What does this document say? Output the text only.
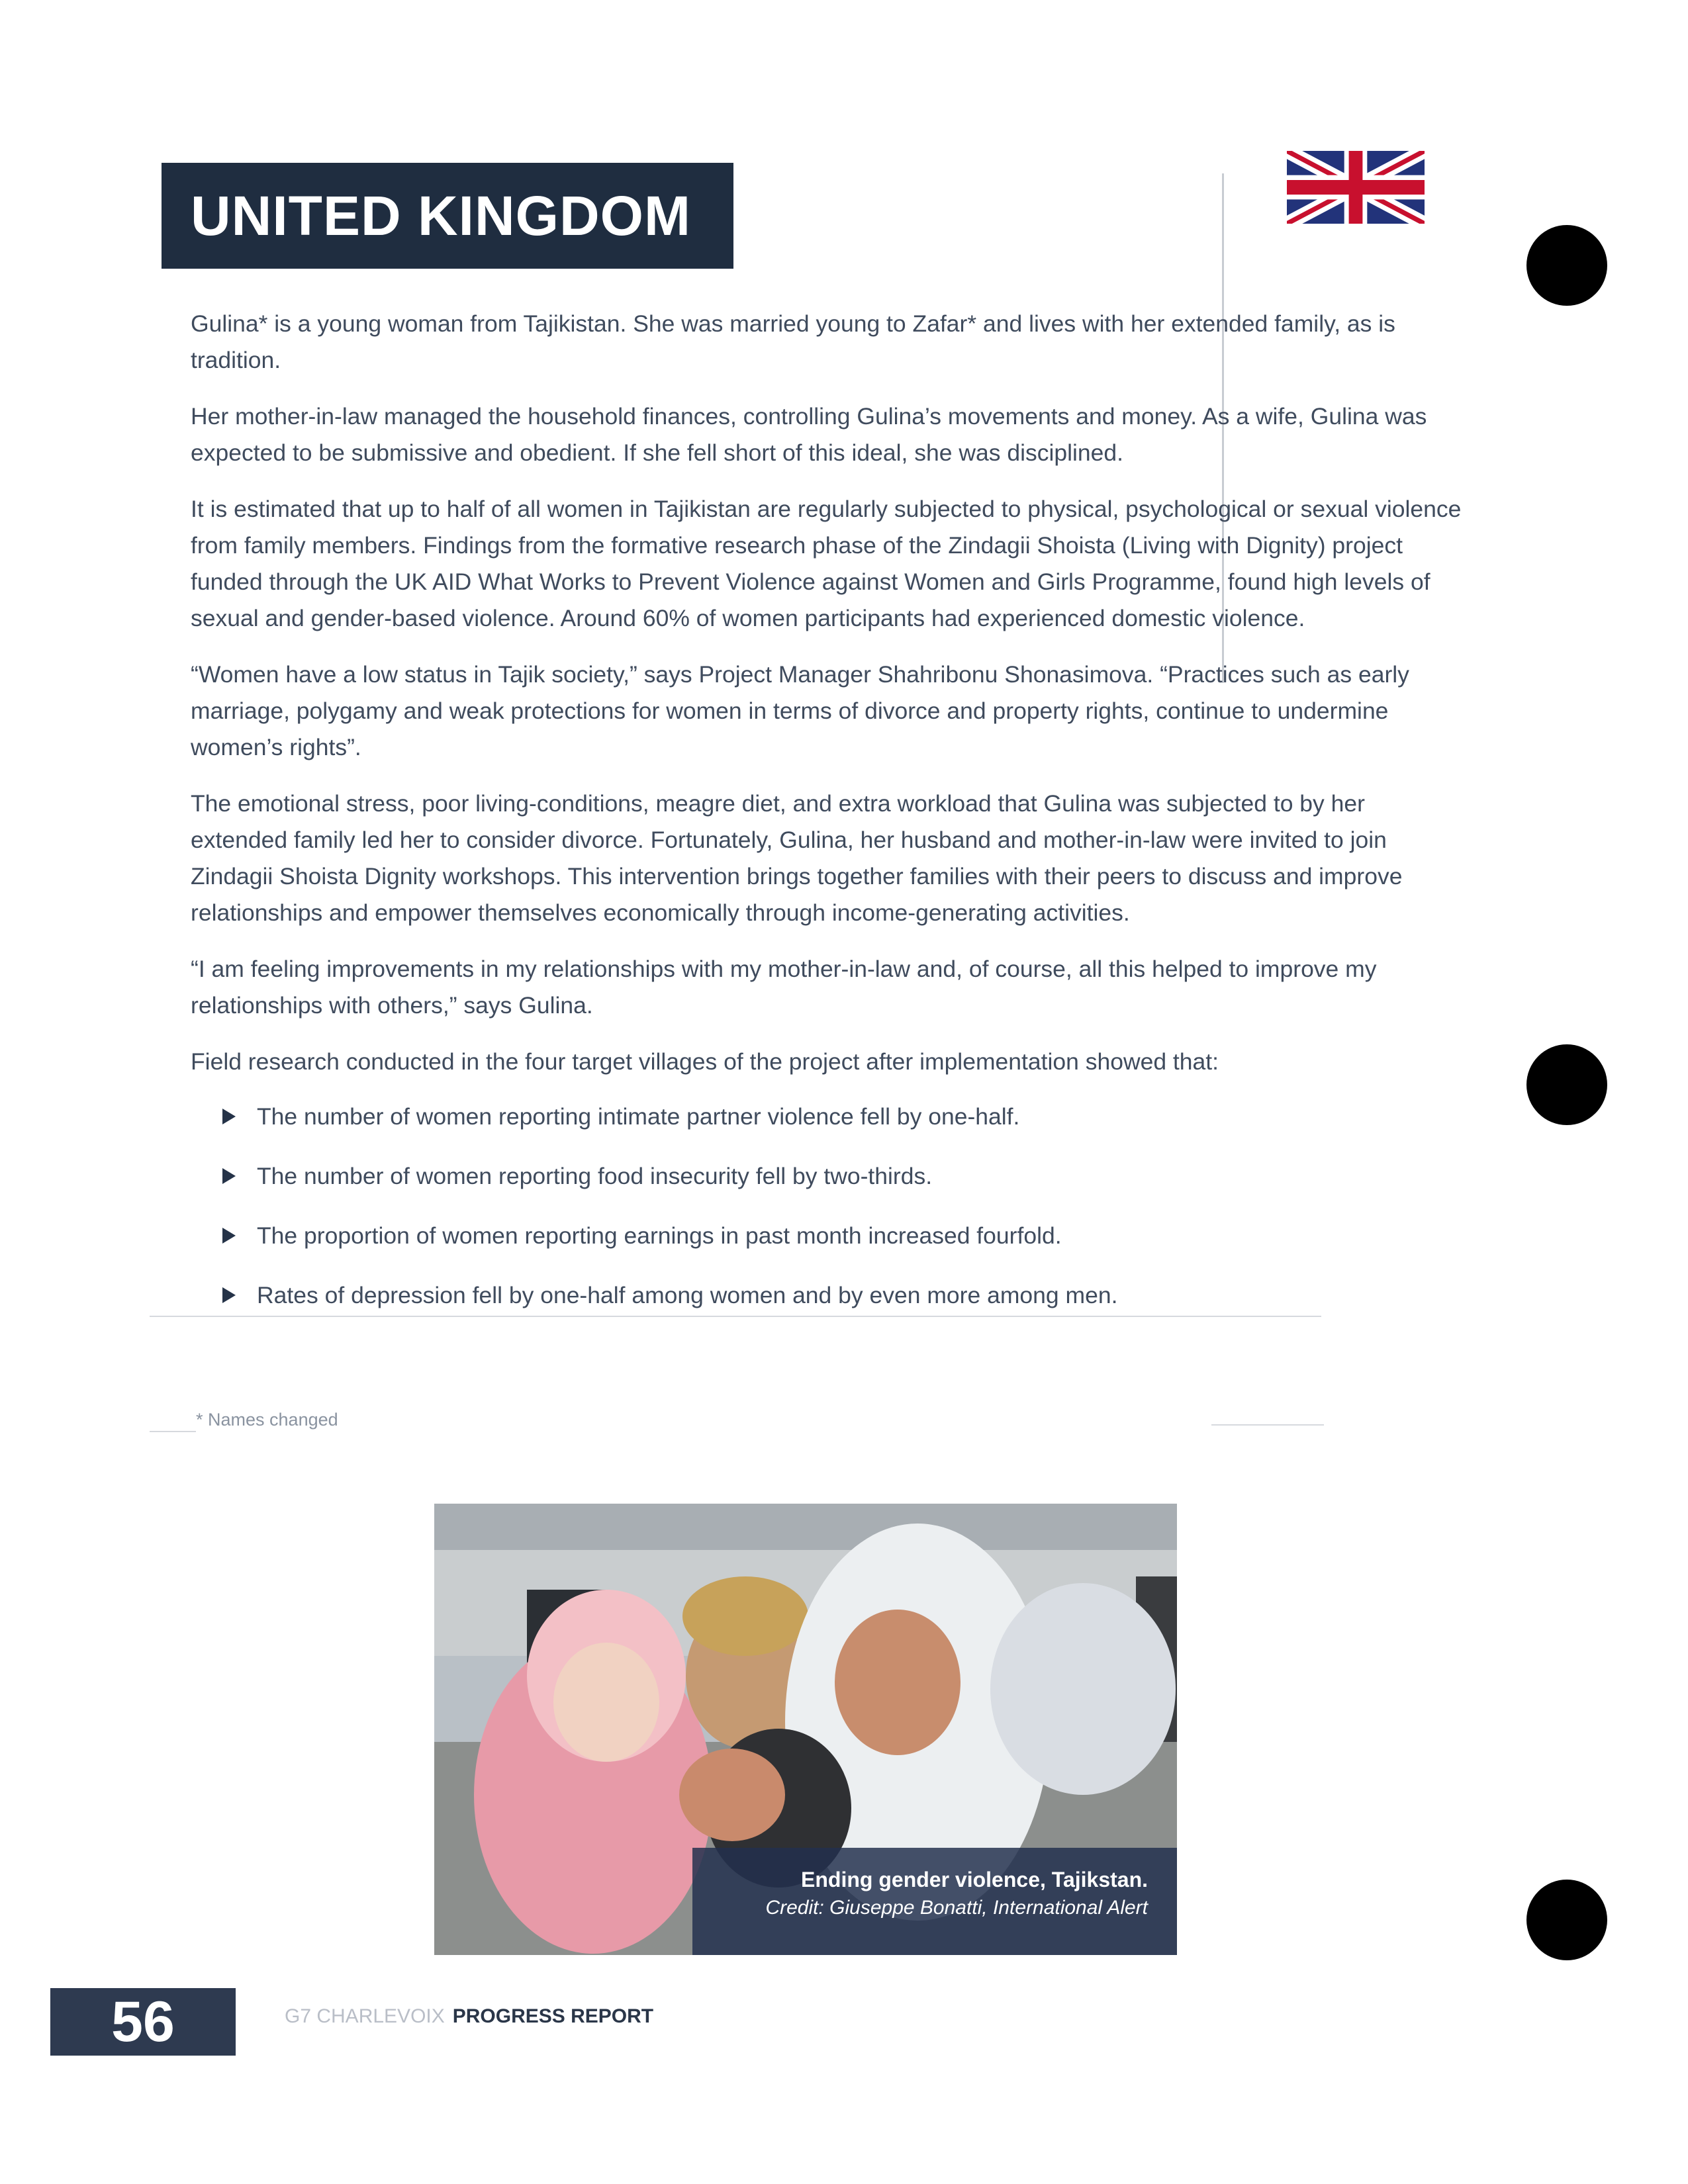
UNITED KINGDOM

Gulina* is a young woman from Tajikistan. She was married young to Zafar* and lives with her extended family, as is tradition.

Her mother-in-law managed the household finances, controlling Gulina’s movements and money. As a wife, Gulina was expected to be submissive and obedient. If she fell short of this ideal, she was disciplined.

It is estimated that up to half of all women in Tajikistan are regularly subjected to physical, psychological or sexual violence from family members. Findings from the formative research phase of the Zindagii Shoista (Living with Dignity) project funded through the UK AID What Works to Prevent Violence against Women and Girls Programme, found high levels of sexual and gender-based violence. Around 60% of women participants had experienced domestic violence.

“Women have a low status in Tajik society,” says Project Manager Shahribonu Shonasimova. “Practices such as early marriage, polygamy and weak protections for women in terms of divorce and property rights, continue to undermine women’s rights”.

The emotional stress, poor living-conditions, meagre diet, and extra workload that Gulina was subjected to by her extended family led her to consider divorce. Fortunately, Gulina, her husband and mother-in-law were invited to join Zindagii Shoista Dignity workshops. This intervention brings together families with their peers to discuss and improve relationships and empower themselves economically through income-generating activities.

“I am feeling improvements in my relationships with my mother-in-law and, of course, all this helped to improve my relationships with others,” says Gulina.

Field research conducted in the four target villages of the project after implementation showed that:

The number of women reporting intimate partner violence fell by one-half.
The number of women reporting food insecurity fell by two-thirds.
The proportion of women reporting earnings in past month increased fourfold.
Rates of depression fell by one-half among women and by even more among men.
* Names changed
Ending gender violence, Tajikstan.
Credit: Giuseppe Bonatti, International Alert
56	G7 CHARLEVOIX PROGRESS REPORT
